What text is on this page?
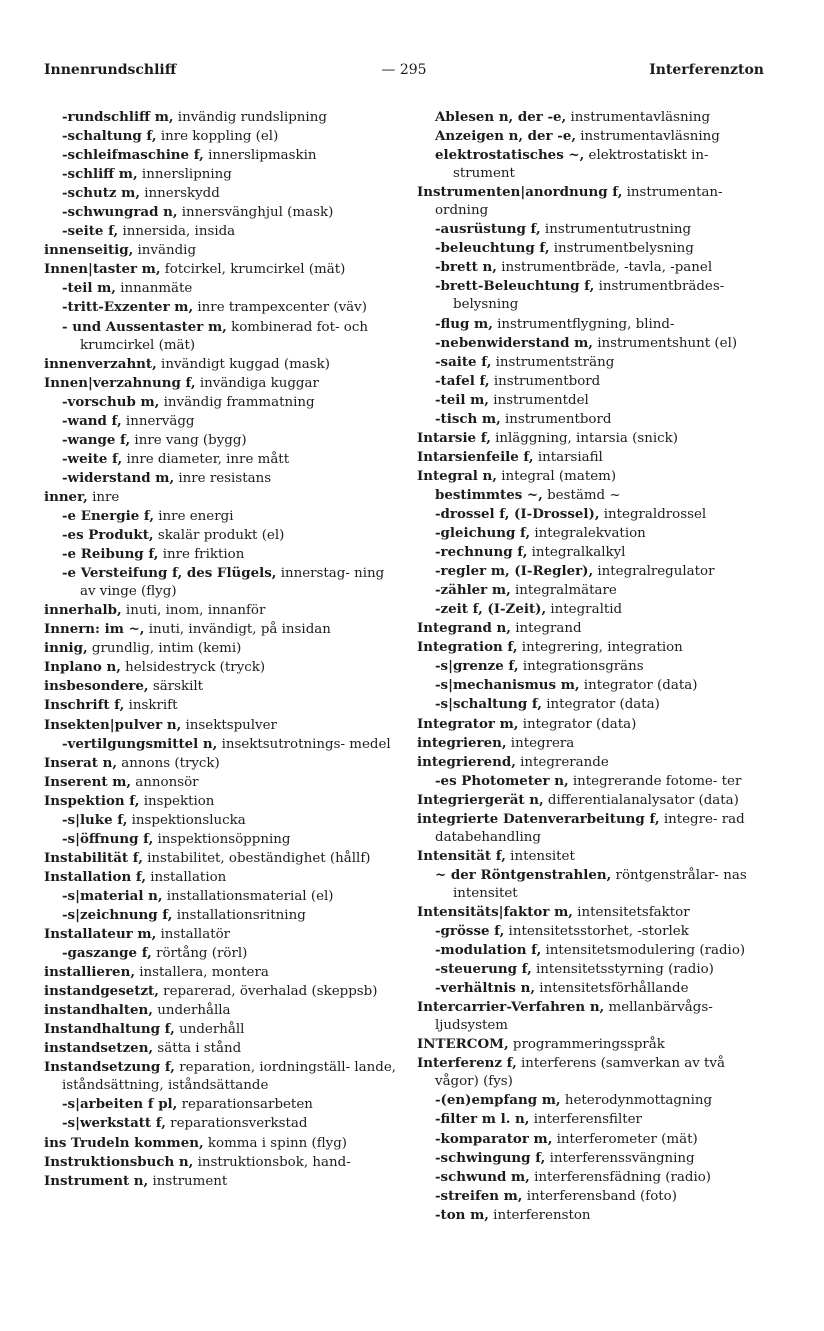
Innenrundschliff	— 295	Interferenzton
-rundschliff m, invändig rundslipning
-schaltung f, inre koppling (el)
-schleifmaschine f, innerslipmaskin
-schliff m, innerslipning
-schutz m, innerskydd
-schwungrad n, innersvänghjul (mask)
-seite f, innersida, insida
innenseitig, invändig
Innen|taster m, fotcirkel, krumcirkel (mät)
-teil m, innanmäte
-tritt-Exzenter m, inre trampexcenter (väv)
- und Aussentaster m, kombinerad fot- och krumcirkel (mät)
innenverzahnt, invändigt kuggad (mask)
Innen|verzahnung f, invändiga kuggar
-vorschub m, invändig frammatning
-wand f, innervägg
-wange f, inre vang (bygg)
-weite f, inre diameter, inre mått
-widerstand m, inre resistans
inner, inre
-e Energie f, inre energi
-es Produkt, skalär produkt (el)
-e Reibung f, inre friktion
-e Versteifung f, des Flügels, innerstag- ning av vinge (flyg)
innerhalb, inuti, inom, innanför
Innern: im ~, inuti, invändigt, på insidan
innig, grundlig, intim (kemi)
Inplano n, helsidestryck (tryck)
insbesondere, särskilt
Inschrift f, inskrift
Insekten|pulver n, insektspulver
-vertilgungsmittel n, insektsutrotnings- medel
Inserat n, annons (tryck)
Inserent m, annonsör
Inspektion f, inspektion
-s|luke f, inspektionslucka
-s|öffnung f, inspektionsöppning
Instabilität f, instabilitet, obeständighet (hållf)
Installation f, installation
-s|material n, installationsmaterial (el)
-s|zeichnung f, installationsritning
Installateur m, installatör
-gaszange f, rörtång (rörl)
installieren, installera, montera
instandgesetzt, reparerad, överhalad (skeppsb)
instandhalten, underhålla
Instandhaltung f, underhåll
instandsetzen, sätta i stånd
Instandsetzung f, reparation, iordningställ- lande, iståndsättning, iståndsättande
-s|arbeiten f pl, reparationsarbeten
-s|werkstatt f, reparationsverkstad
ins Trudeln kommen, komma i spinn (flyg)
Instruktionsbuch n, instruktionsbok, hand-
Instrument n, instrument
Ablesen n, der -e, instrumentavläsning
Anzeigen n, der -e, instrumentavläsning
elektrostatisches ~, elektrostatiskt in- strument
Instrumenten|anordnung f, instrumentan- ordning
-ausrüstung f, instrumentutrustning
-beleuchtung f, instrumentbelysning
-brett n, instrumentbräde, -tavla, -panel
-brett-Beleuchtung f, instrumentbrädes- belysning
-flug m, instrumentflygning, blind-
-nebenwiderstand m, instrumentshunt (el)
-saite f, instrumentsträng
-tafel f, instrumentbord
-teil m, instrumentdel
-tisch m, instrumentbord
Intarsie f, inläggning, intarsia (snick)
Intarsienfeile f, intarsiafil
Integral n, integral (matem)
bestimmtes ~, bestämd ~
-drossel f, (I-Drossel), integraldrossel
-gleichung f, integralekvation
-rechnung f, integralkalkyl
-regler m, (I-Regler), integralregulator
-zähler m, integralmätare
-zeit f, (I-Zeit), integraltid
Integrand n, integrand
Integration f, integrering, integration
-s|grenze f, integrationsgräns
-s|mechanismus m, integrator (data)
-s|schaltung f, integrator (data)
Integrator m, integrator (data)
integrieren, integrera
integrierend, integrerande
-es Photometer n, integrerande fotome- ter
Integriergerät n, differentialanalysator (data)
integrierte Datenverarbeitung f, integre- rad databehandling
Intensität f, intensitet
~ der Röntgenstrahlen, röntgenstrålar- nas intensitet
Intensitäts|faktor m, intensitetsfaktor
-grösse f, intensitetsstorhet, -storlek
-modulation f, intensitetsmodulering (radio)
-steuerung f, intensitetsstyrning (radio)
-verhältnis n, intensitetsförhållande
Intercarrier-Verfahren n, mellanbärvågs- ljudsystem
INTERCOM, programmeringsspråk
Interferenz f, interferens (samverkan av två vågor) (fys)
-(en)empfang m, heterodynmottagning
-filter m l. n, interferensfilter
-komparator m, interferometer (mät)
-schwingung f, interferenssvängning
-schwund m, interferensfädning (radio)
-streifen m, interferensband (foto)
-ton m, interferenston
